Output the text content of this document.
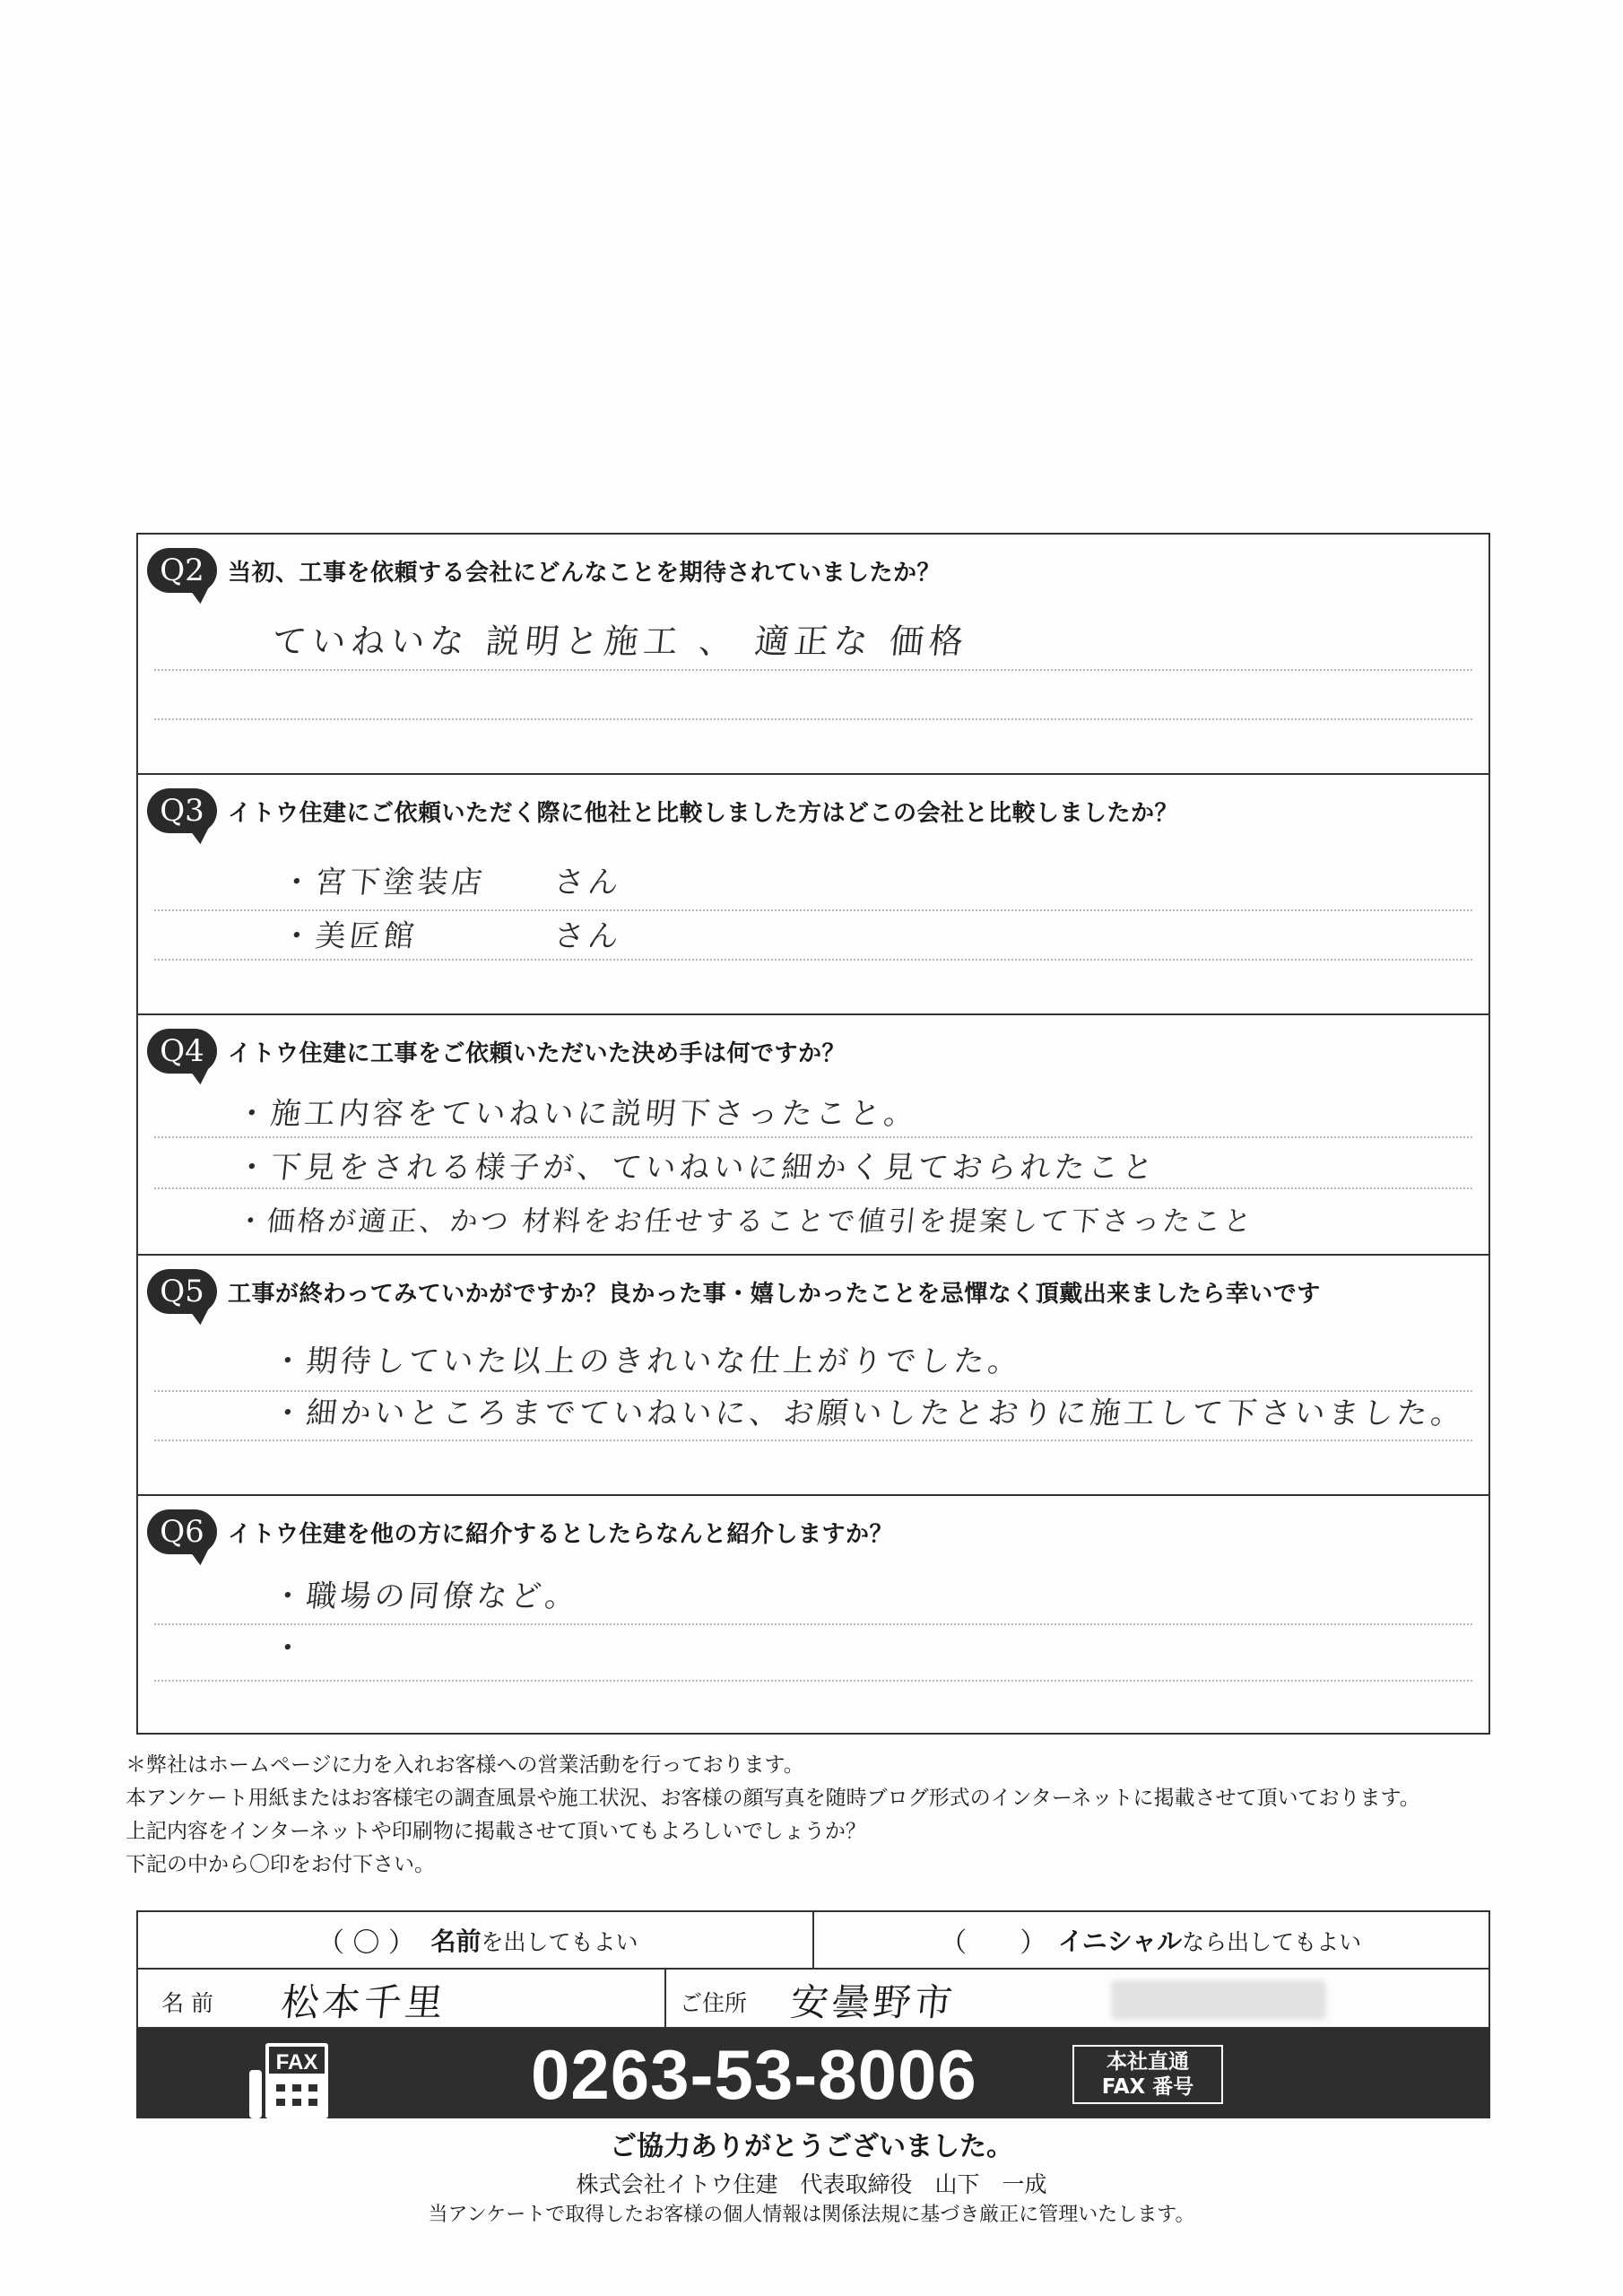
Q2	当初、工事を依頼する会社にどんなことを期待されていましたか？
ていねいな 説明と施工 、 適正な 価格
Q3	イトウ住建にご依頼いただく際に他社と比較しました方はどこの会社と比較しましたか？
・宮下塗装店　　さん
・美匠館　　　　さん
Q4	イトウ住建に工事をご依頼いただいた決め手は何ですか？
・施工内容をていねいに説明下さったこと。
・下見をされる様子が、ていねいに細かく見ておられたこと
・価格が適正、かつ 材料をお任せすることで値引を提案して下さったこと
Q5	工事が終わってみていかがですか？良かった事・嬉しかったことを忌憚なく頂戴出来ましたら幸いです
・期待していた以上のきれいな仕上がりでした。
・細かいところまでていねいに、お願いしたとおりに施工して下さいました。
Q6	イトウ住建を他の方に紹介するとしたらなんと紹介しますか？
・職場の同僚など。
・
＊弊社はホームページに力を入れお客様への営業活動を行っております。
本アンケート用紙またはお客様宅の調査風景や施工状況、お客様の顔写真を随時ブログ形式のインターネットに掲載させて頂いております。
上記内容をインターネットや印刷物に掲載させて頂いてもよろしいでしょうか？
下記の中から〇印をお付下さい。
（ 〇 ） 名前を出してもよい	（ ） イニシャルなら出してもよい
名 前 松本千里	ご住所 安曇野市
FAX	0263-53-8006	本社直通
FAX 番号
ご協力ありがとうございました。
株式会社イトウ住建　代表取締役　山下　一成
当アンケートで取得したお客様の個人情報は関係法規に基づき厳正に管理いたします。
